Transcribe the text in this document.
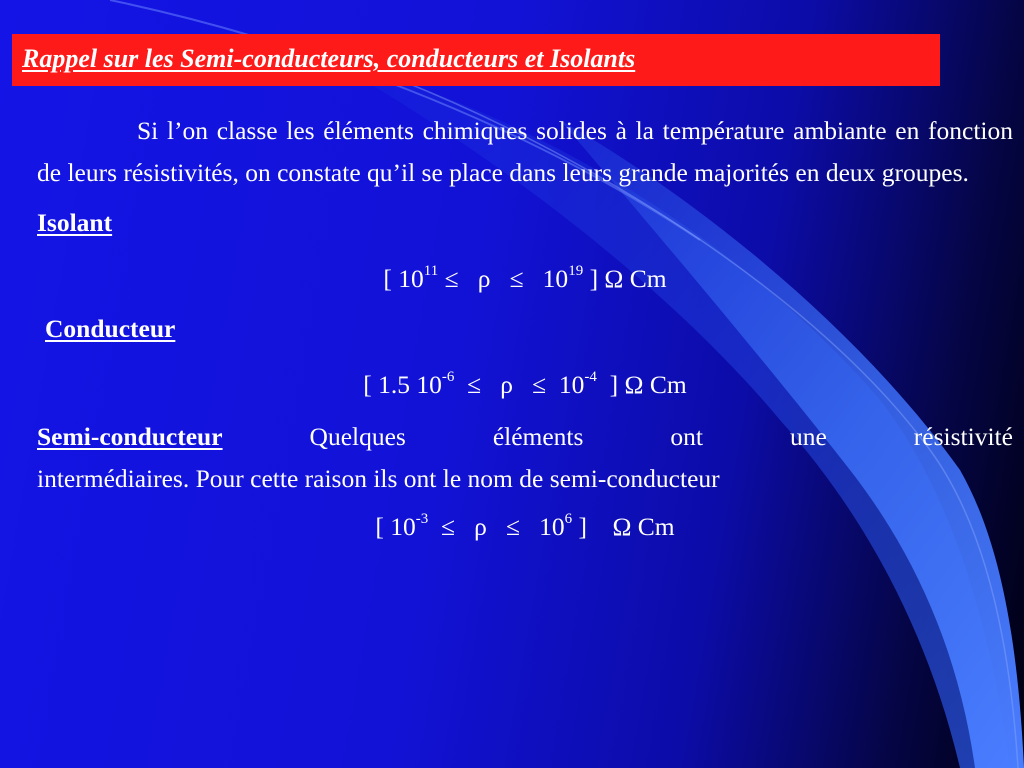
Rappel sur les Semi-conducteurs, conducteurs et Isolants

Si l’on classe les éléments chimiques solides à la température ambiante en fonction de leurs résistivités, on constate qu’il se place dans leurs grande majorités en deux groupes.

Isolant

[ $10^{11} \le \rho \le 10^{19}$ ] Ω Cm

Conducteur

[ 1.5 $10^{-6} \le \rho \le 10^{-4}$  ] Ω Cm

Semi-conducteur	Quelques	éléments	ont	une	résistivité
intermédiaires. Pour cette raison ils ont le nom de semi-conducteur

[ $10^{-3} \le \rho \le 10^6$ ]    Ω Cm
